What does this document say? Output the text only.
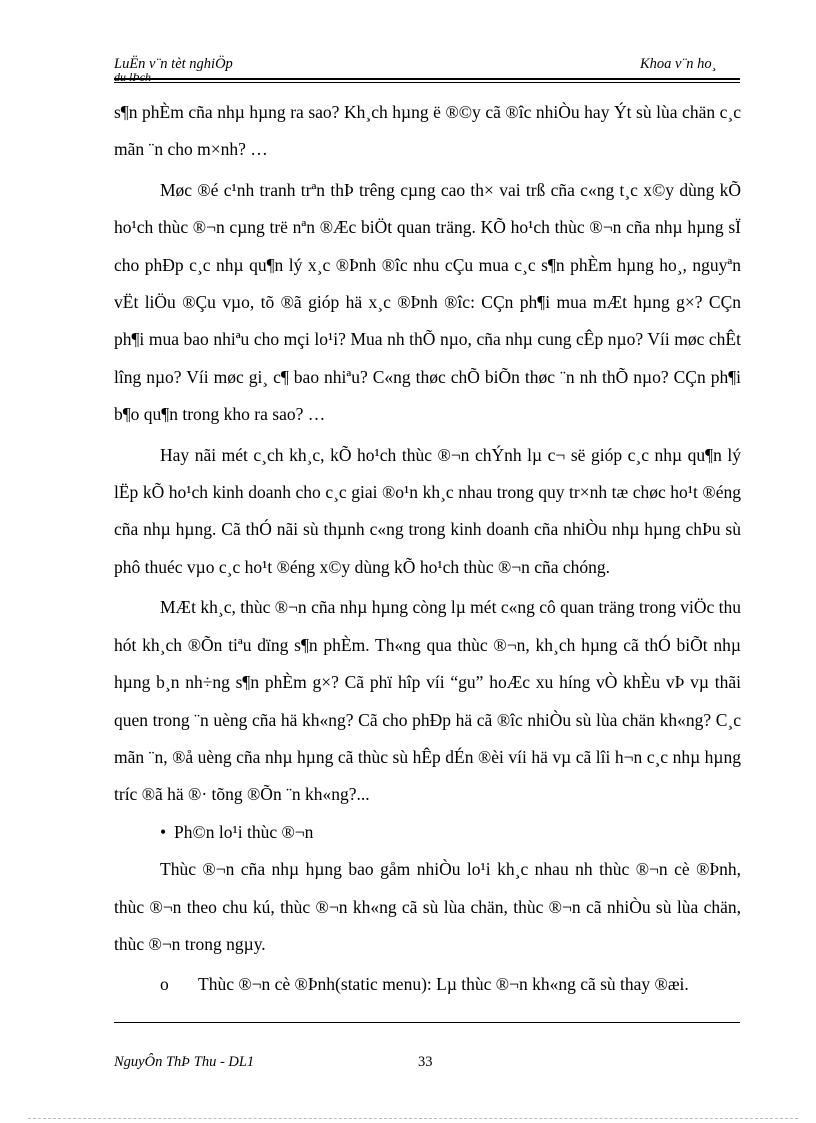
LuËn v¨n tèt nghiÖp
du lÞch
Khoa v¨n ho¸

s¶n phÈm cña nhµ hµng ra sao? Kh¸ch hµng ë ®©y cã ®îc nhiÒu hay Ýt sù lùa chän c¸c mãn ¨n cho m×nh? …

Møc ®é c¹nh tranh trªn thÞ trêng cµng cao th× vai trß cña c«ng t¸c x©y dùng kÕ ho¹ch thùc ®¬n cµng trë nªn ®Æc biÖt quan träng. KÕ ho¹ch thùc ®¬n cña nhµ hµng sÏ cho phÐp c¸c nhµ qu¶n lý x¸c ®Þnh ®îc nhu cÇu mua c¸c s¶n phÈm hµng ho¸, nguyªn vËt liÖu ®Çu vµo, tõ ®ã gióp hä x¸c ®Þnh ®îc: CÇn ph¶i mua mÆt hµng g×? CÇn ph¶i mua bao nhiªu cho mçi lo¹i? Mua nh thÕ nµo, cña nhµ cung cÊp nµo? Víi møc chÊt lîng nµo? Víi møc gi¸ c¶ bao nhiªu? C«ng thøc chÕ biÕn thøc ¨n nh thÕ nµo? CÇn ph¶i b¶o qu¶n trong kho ra sao? …

Hay nãi mét c¸ch kh¸c, kÕ ho¹ch thùc ®¬n chÝnh lµ c¬ së gióp c¸c nhµ qu¶n lý lËp kÕ ho¹ch kinh doanh cho c¸c giai ®o¹n kh¸c nhau trong quy tr×nh tæ chøc ho¹t ®éng cña nhµ hµng. Cã thÓ nãi sù thµnh c«ng trong kinh doanh cña nhiÒu nhµ hµng chÞu sù phô thuéc vµo c¸c ho¹t ®éng x©y dùng kÕ ho¹ch thùc ®¬n cña chóng.

MÆt kh¸c, thùc ®¬n cña nhµ hµng còng lµ mét c«ng cô quan träng trong viÖc thu hót kh¸ch ®Õn tiªu dïng s¶n phÈm. Th«ng qua thùc ®¬n, kh¸ch hµng cã thÓ biÕt nhµ hµng b¸n nh÷ng s¶n phÈm g×? Cã phï hîp víi “gu” hoÆc xu híng vÒ khÈu vÞ vµ thãi quen trong ¨n uèng cña hä kh«ng? Cã cho phÐp hä cã ®îc nhiÒu sù lùa chän kh«ng? C¸c mãn ¨n, ®å uèng cña nhµ hµng cã thùc sù hÊp dÉn ®èi víi hä vµ cã lîi h¬n c¸c nhµ hµng tríc ®ã hä ®· tõng ®Õn ¨n kh«ng?...

• Ph©n lo¹i thùc ®¬n

Thùc ®¬n cña nhµ hµng bao gåm nhiÒu lo¹i kh¸c nhau nh thùc ®¬n cè ®Þnh, thùc ®¬n theo chu kú, thùc ®¬n kh«ng cã sù lùa chän, thùc ®¬n cã nhiÒu sù lùa chän, thùc ®¬n trong ngµy.

o Thùc ®¬n cè ®Þnh(static menu): Lµ thùc ®¬n kh«ng cã sù thay ®æi.

NguyÔn ThÞ Thu - DL1	33
